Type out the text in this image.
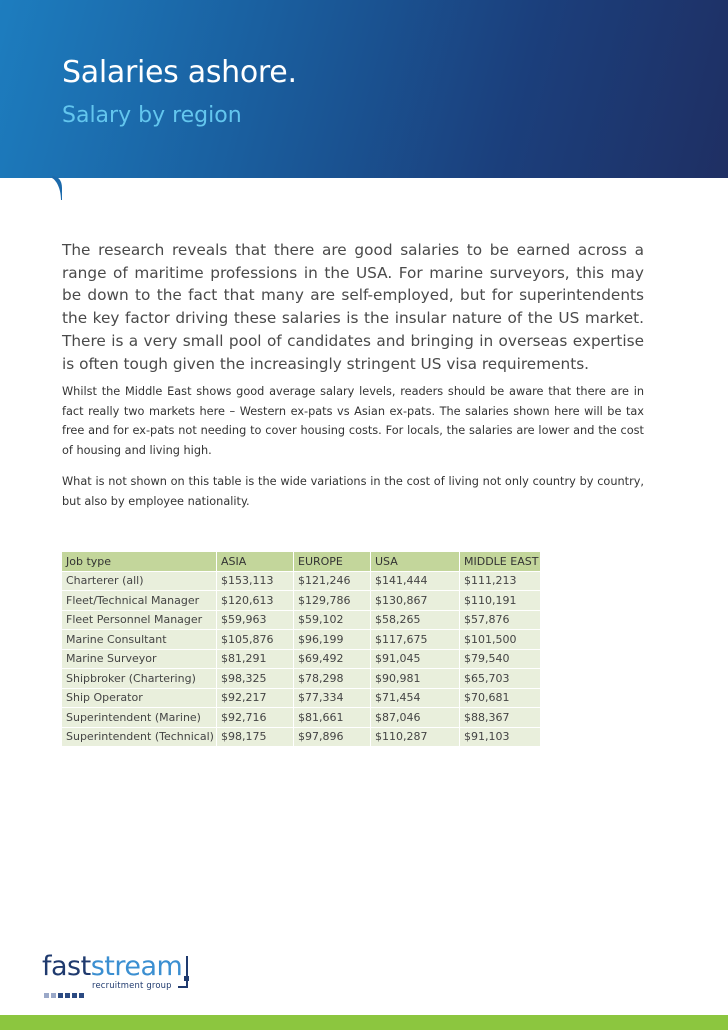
Salaries ashore.
Salary by region

The research reveals that there are good salaries to be earned across a range of maritime professions in the USA. For marine surveyors, this may be down to the fact that many are self-employed, but for superintendents the key factor driving these salaries is the insular nature of the US market. There is a very small pool of candidates and bringing in overseas expertise is often tough given the increasingly stringent US visa requirements.

Whilst the Middle East shows good average salary levels, readers should be aware that there are in fact really two markets here – Western ex-pats vs Asian ex-pats. The salaries shown here will be tax free and for ex-pats not needing to cover housing costs. For locals, the salaries are lower and the cost of housing and living high.

What is not shown on this table is the wide variations in the cost of living not only country by country, but also by employee nationality.

Job type	ASIA	EUROPE	USA	MIDDLE EAST
Charterer (all)	$153,113	$121,246	$141,444	$111,213
Fleet/Technical Manager	$120,613	$129,786	$130,867	$110,191
Fleet Personnel Manager	$59,963	$59,102	$58,265	$57,876
Marine Consultant	$105,876	$96,199	$117,675	$101,500
Marine Surveyor	$81,291	$69,492	$91,045	$79,540
Shipbroker (Chartering)	$98,325	$78,298	$90,981	$65,703
Ship Operator	$92,217	$77,334	$71,454	$70,681
Superintendent (Marine)	$92,716	$81,661	$87,046	$88,367
Superintendent (Technical)	$98,175	$97,896	$110,287	$91,103
faststream
recruitment group
